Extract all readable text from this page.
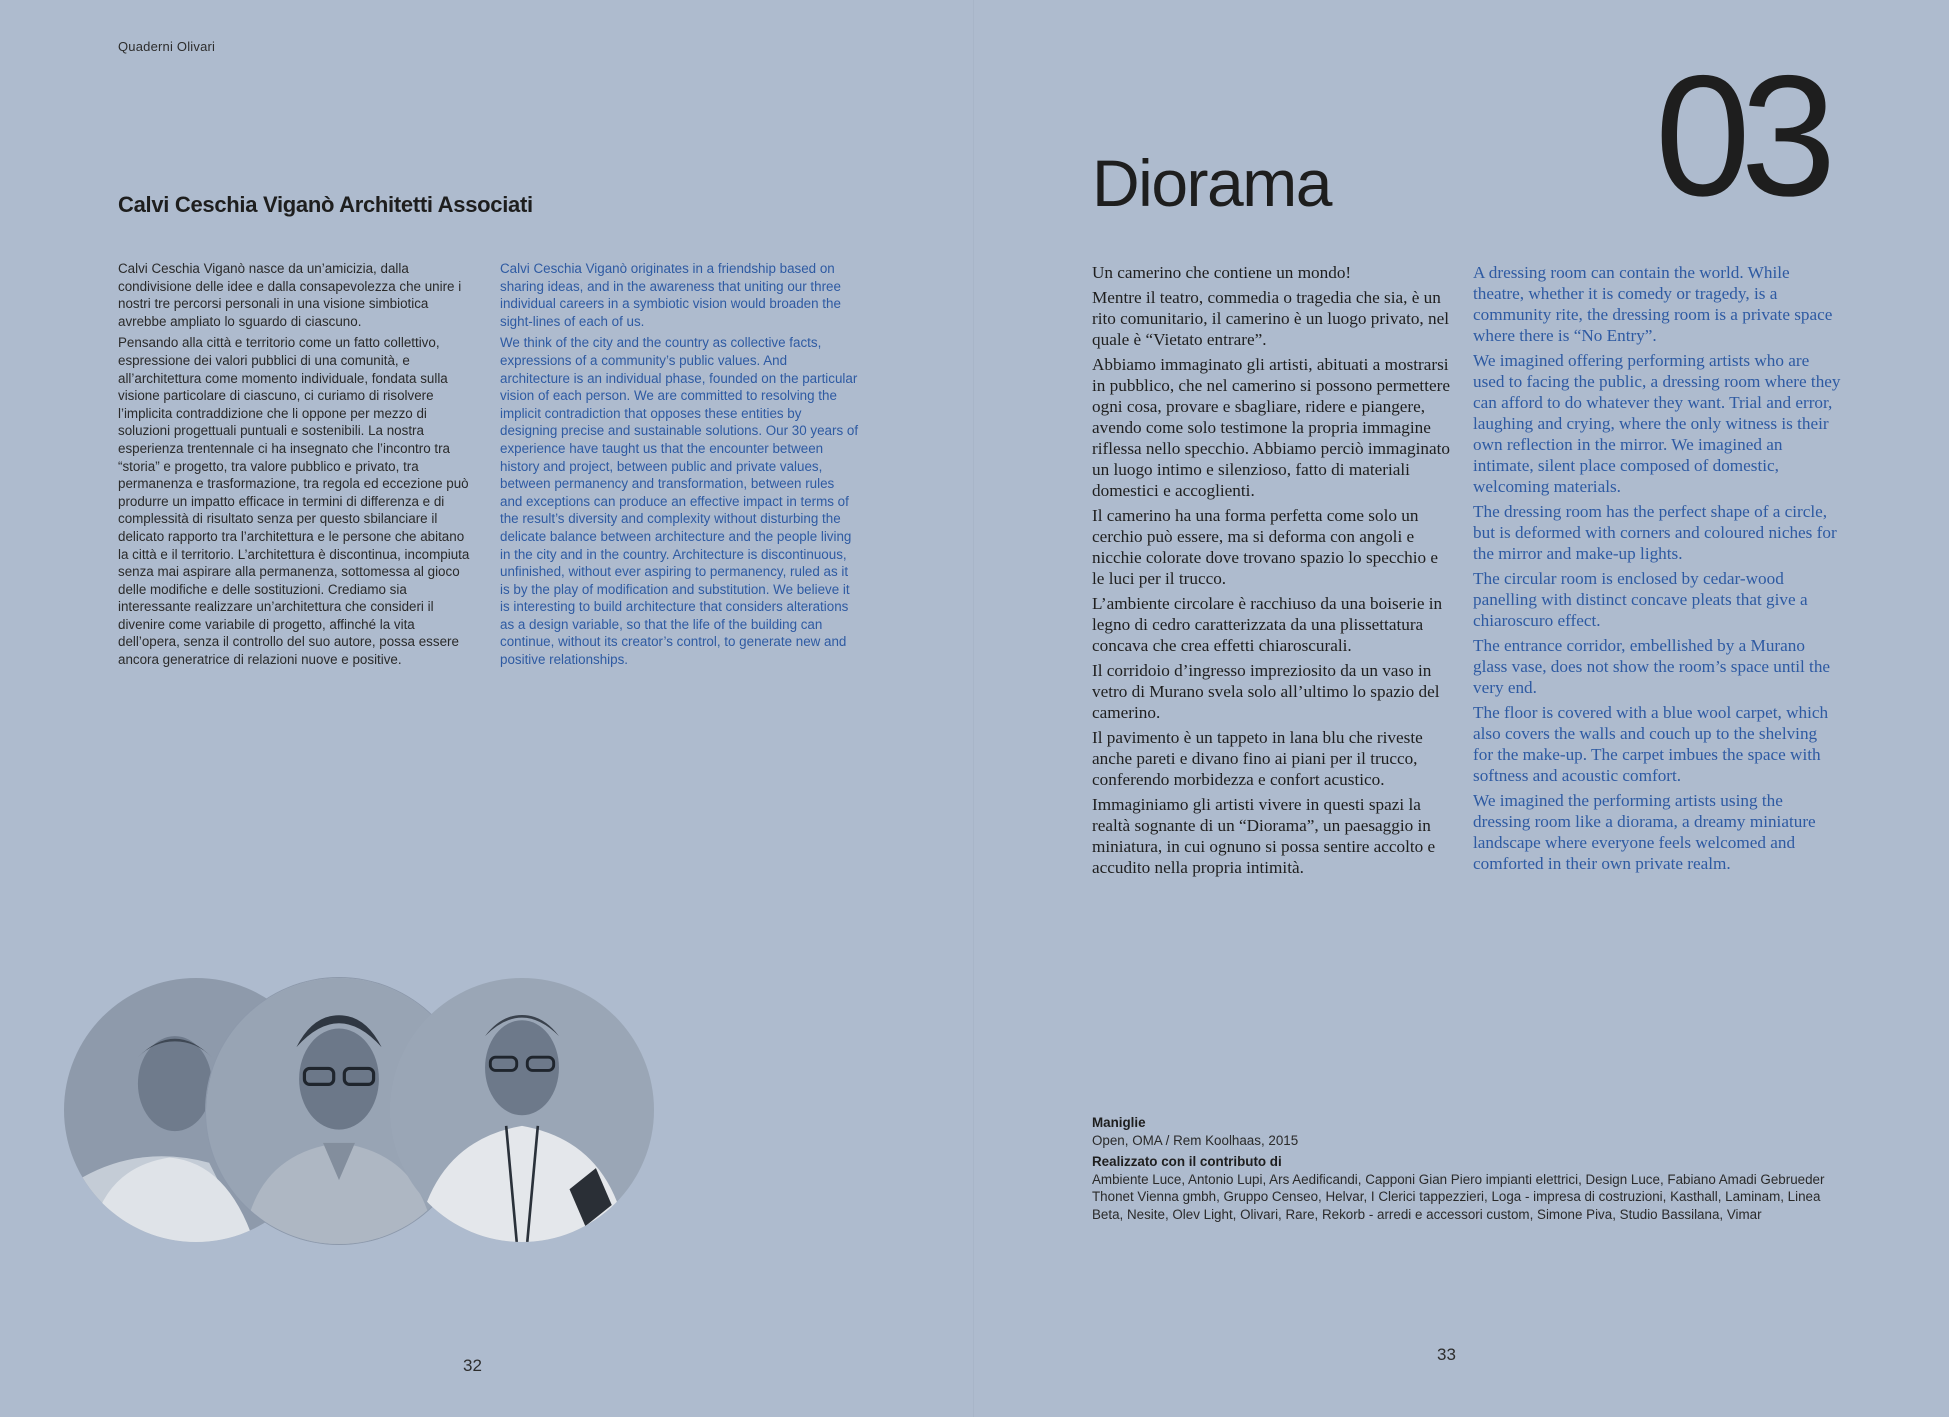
Quaderni Olivari
Calvi Ceschia Viganò Architetti Associati

Calvi Ceschia Viganò nasce da un’amicizia, dalla condivisione delle idee e dalla consapevolezza che unire i nostri tre percorsi personali in una visione simbiotica avrebbe ampliato lo sguardo di ciascuno.

Pensando alla città e territorio come un fatto collettivo, espressione dei valori pubblici di una comunità, e all’architettura come momento individuale, fondata sulla visione particolare di ciascuno, ci curiamo di risolvere l’implicita contraddizione che li oppone per mezzo di soluzioni progettuali puntuali e sostenibili. La nostra esperienza trentennale ci ha insegnato che l’incontro tra “storia” e progetto, tra valore pubblico e privato, tra permanenza e trasformazione, tra regola ed eccezione può produrre un impatto efficace in termini di differenza e di complessità di risultato senza per questo sbilanciare il delicato rapporto tra l’architettura e le persone che abitano la città e il territorio. L’architettura è discontinua, incompiuta senza mai aspirare alla permanenza, sottomessa al gioco delle modifiche e delle sostituzioni. Crediamo sia interessante realizzare un’architettura che consideri il divenire come variabile di progetto, affinché la vita dell’opera, senza il controllo del suo autore, possa essere ancora generatrice di relazioni nuove e positive.

Calvi Ceschia Viganò originates in a friendship based on sharing ideas, and in the awareness that uniting our three individual careers in a symbiotic vision would broaden the sight-lines of each of us.

We think of the city and the country as collective facts, expressions of a community’s public values. And architecture is an individual phase, founded on the particular vision of each person. We are committed to resolving the implicit contradiction that opposes these entities by designing precise and sustainable solutions. Our 30 years of experience have taught us that the encounter between history and project, between public and private values, between permanency and transformation, between rules and exceptions can produce an effective impact in terms of the result’s diversity and complexity without disturbing the delicate balance between architecture and the people living in the city and in the country. Architecture is discontinuous, unfinished, without ever aspiring to permanency, ruled as it is by the play of modification and substitution. We believe it is interesting to build architecture that considers alterations as a design variable, so that the life of the building can continue, without its creator’s control, to generate new and positive relationships.

32
Diorama 03

Un camerino che contiene un mondo!

Mentre il teatro, commedia o tragedia che sia, è un rito comunitario, il camerino è un luogo privato, nel quale è “Vietato entrare”.

Abbiamo immaginato gli artisti, abituati a mostrarsi in pubblico, che nel camerino si possono permettere ogni cosa, provare e sbagliare, ridere e piangere, avendo come solo testimone la propria immagine riflessa nello specchio. Abbiamo perciò immaginato un luogo intimo e silenzioso, fatto di materiali domestici e accoglienti.

Il camerino ha una forma perfetta come solo un cerchio può essere, ma si deforma con angoli e nicchie colorate dove trovano spazio lo specchio e le luci per il trucco.

L’ambiente circolare è racchiuso da una boiserie in legno di cedro caratterizzata da una plissettatura concava che crea effetti chiaroscurali.

Il corridoio d’ingresso impreziosito da un vaso in vetro di Murano svela solo all’ultimo lo spazio del camerino.

Il pavimento è un tappeto in lana blu che riveste anche pareti e divano fino ai piani per il trucco, conferendo morbidezza e confort acustico.

Immaginiamo gli artisti vivere in questi spazi la realtà sognante di un “Diorama”, un paesaggio in miniatura, in cui ognuno si possa sentire accolto e accudito nella propria intimità.

A dressing room can contain the world. While theatre, whether it is comedy or tragedy, is a community rite, the dressing room is a private space where there is “No Entry”.

We imagined offering performing artists who are used to facing the public, a dressing room where they can afford to do whatever they want. Trial and error, laughing and crying, where the only witness is their own reflection in the mirror. We imagined an intimate, silent place composed of domestic, welcoming materials.

The dressing room has the perfect shape of a circle, but is deformed with corners and coloured niches for the mirror and make-up lights.

The circular room is enclosed by cedar-wood panelling with distinct concave pleats that give a chiaroscuro effect.

The entrance corridor, embellished by a Murano glass vase, does not show the room’s space until the very end.

The floor is covered with a blue wool carpet, which also covers the walls and couch up to the shelving for the make-up. The carpet imbues the space with softness and acoustic comfort.

We imagined the performing artists using the dressing room like a diorama, a dreamy miniature landscape where everyone feels welcomed and comforted in their own private realm.

Maniglie

Open, OMA / Rem Koolhaas, 2015

Realizzato con il contributo di

Ambiente Luce, Antonio Lupi, Ars Aedificandi, Capponi Gian Piero impianti elettrici, Design Luce, Fabiano Amadi Gebrueder Thonet Vienna gmbh, Gruppo Censeo, Helvar, I Clerici tappezzieri, Loga - impresa di costruzioni, Kasthall, Laminam, Linea Beta, Nesite, Olev Light, Olivari, Rare, Rekorb - arredi e accessori custom, Simone Piva, Studio Bassilana, Vimar

33
